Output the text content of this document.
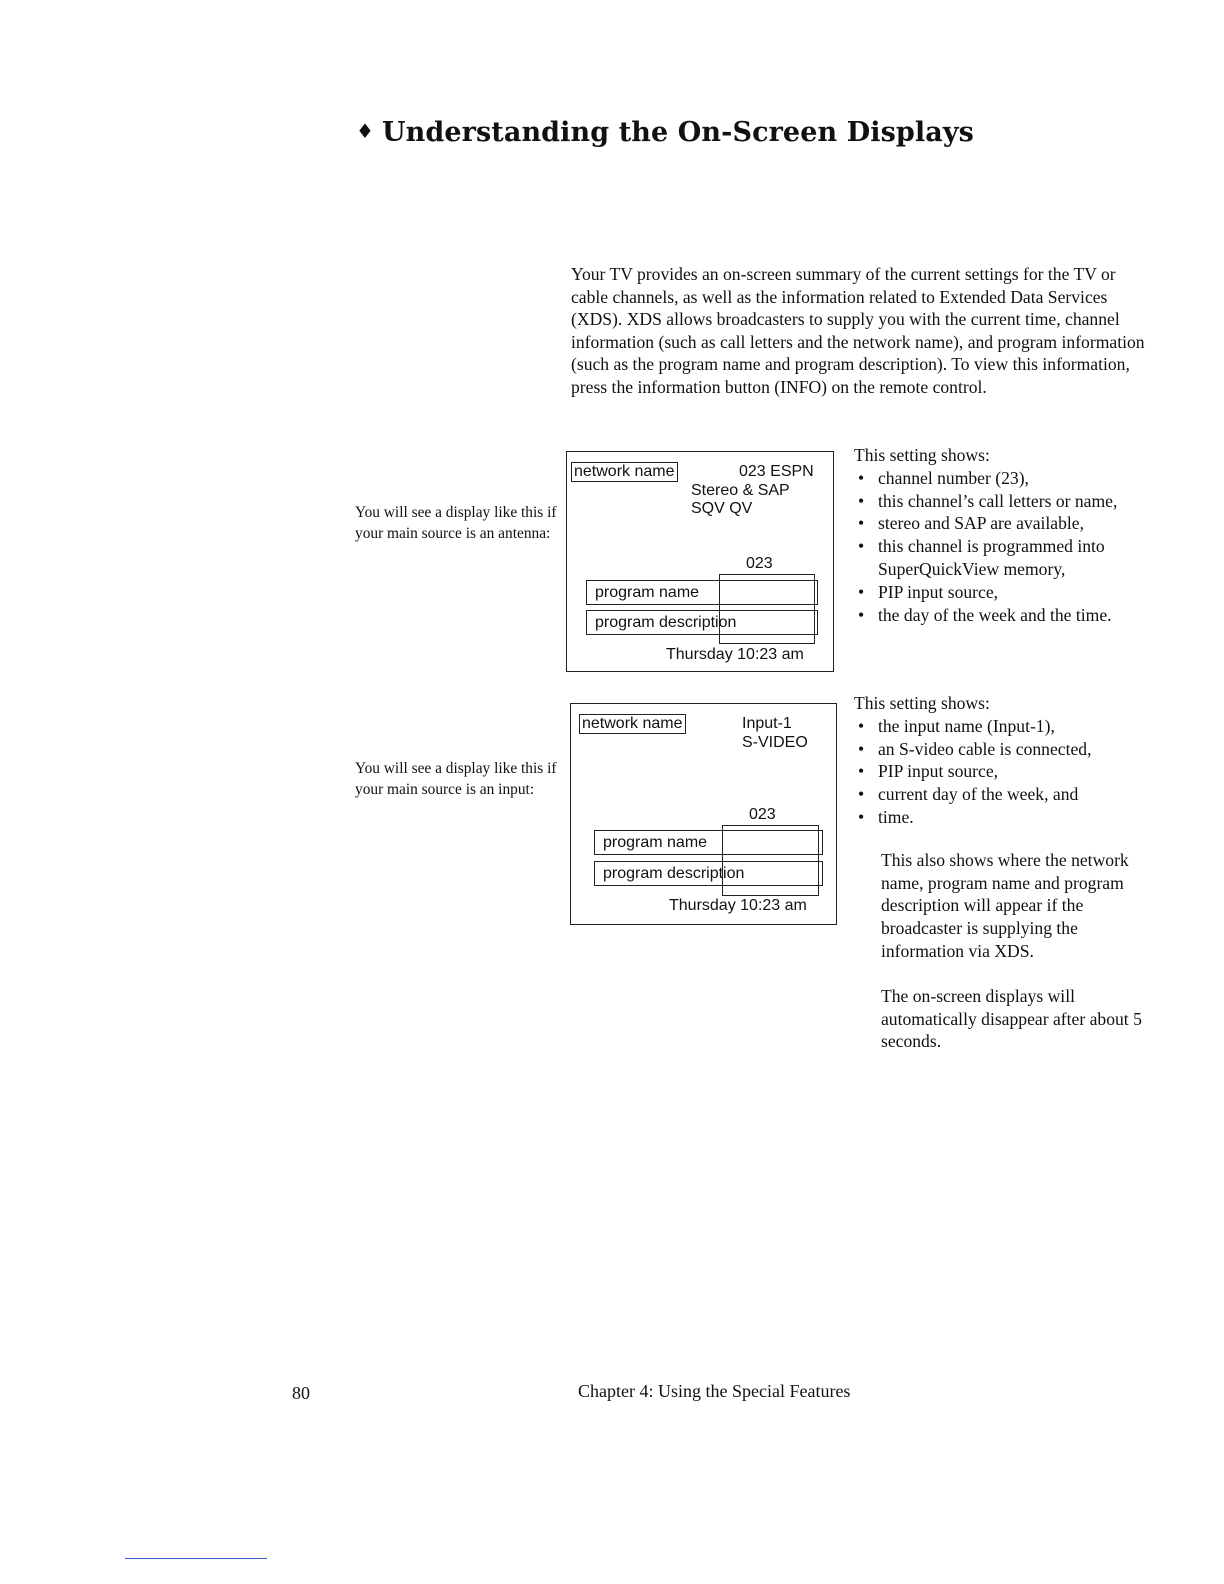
♦ Understanding the On-Screen Displays
Your TV provides an on-screen summary of the current settings for the TV or cable channels, as well as the information related to Extended Data Services (XDS). XDS allows broadcasters to supply you with the current time, channel information (such as call letters and the network name), and program information (such as the program name and program description). To view this information, press the information button (INFO) on the remote control.
You will see a display like this if your main source is an antenna:
network name	023 ESPN
Stereo & SAP
SQV QV
023
program name
program description
Thursday 10:23 am

This setting shows:

• channel number (23),
• this channel’s call letters or name,
• stereo and SAP are available,
• this channel is programmed into SuperQuickView memory,
• PIP input source,
• the day of the week and the time.
You will see a display like this if your main source is an input:
network name	Input-1
S-VIDEO
023
program name
program description
Thursday 10:23 am

This setting shows:

• the input name (Input-1),
• an S-video cable is connected,
• PIP input source,
• current day of the week, and
• time.

This also shows where the network name, program name and program description will appear if the broadcaster is supplying the information via XDS.

The on-screen displays will automatically disappear after about 5 seconds.

80	Chapter 4: Using the Special Features
